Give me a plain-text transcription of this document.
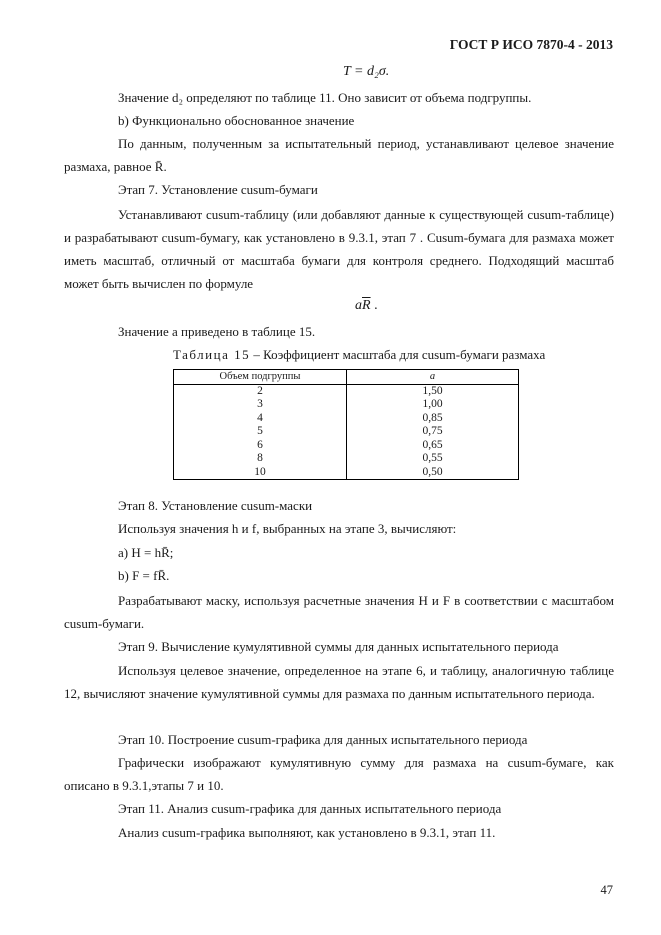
ГОСТ Р ИСО 7870-4 - 2013
T = d₂σ.
Значение d₂ определяют по таблице 11. Оно зависит от объема подгруппы.
b) Функционально обоснованное значение
По данным, полученным за испытательный период, устанавливают целевое значение размаха, равное R̄.
Этап 7. Установление cusum-бумаги
Устанавливают cusum-таблицу (или добавляют данные к существующей cusum-таблице) и разрабатывают cusum-бумагу, как установлено в 9.3.1, этап 7 . Cusum-бумага для размаха может иметь масштаб, отличный от масштаба бумаги для контроля среднего. Подходящий масштаб может быть вычислен по формуле
$a\overline{R}$ .
Значение a приведено в таблице 15.
Таблица 15 – Коэффициент масштаба для cusum-бумаги размаха
Объем подгруппы	a
2	1,50
3	1,00
4	0,85
5	0,75
6	0,65
8	0,55
10	0,50
Этап 8. Установление cusum-маски
Используя значения h и f, выбранных на этапе 3, вычисляют:
a) H = hR̄;
b) F = fR̄.
Разрабатывают маску, используя расчетные значения H и F в соответствии с масштабом cusum-бумаги.
Этап 9. Вычисление кумулятивной суммы для данных испытательного периода
Используя целевое значение, определенное на этапе 6, и таблицу, аналогичную таблице 12, вычисляют значение кумулятивной суммы для размаха по данным испытательного периода.
Этап 10. Построение cusum-графика для данных испытательного периода
Графически изображают кумулятивную сумму для размаха на cusum-бумаге, как описано в 9.3.1,этапы 7 и 10.
Этап 11. Анализ cusum-графика для данных испытательного периода
Анализ cusum-графика выполняют, как установлено в 9.3.1, этап 11.
47
